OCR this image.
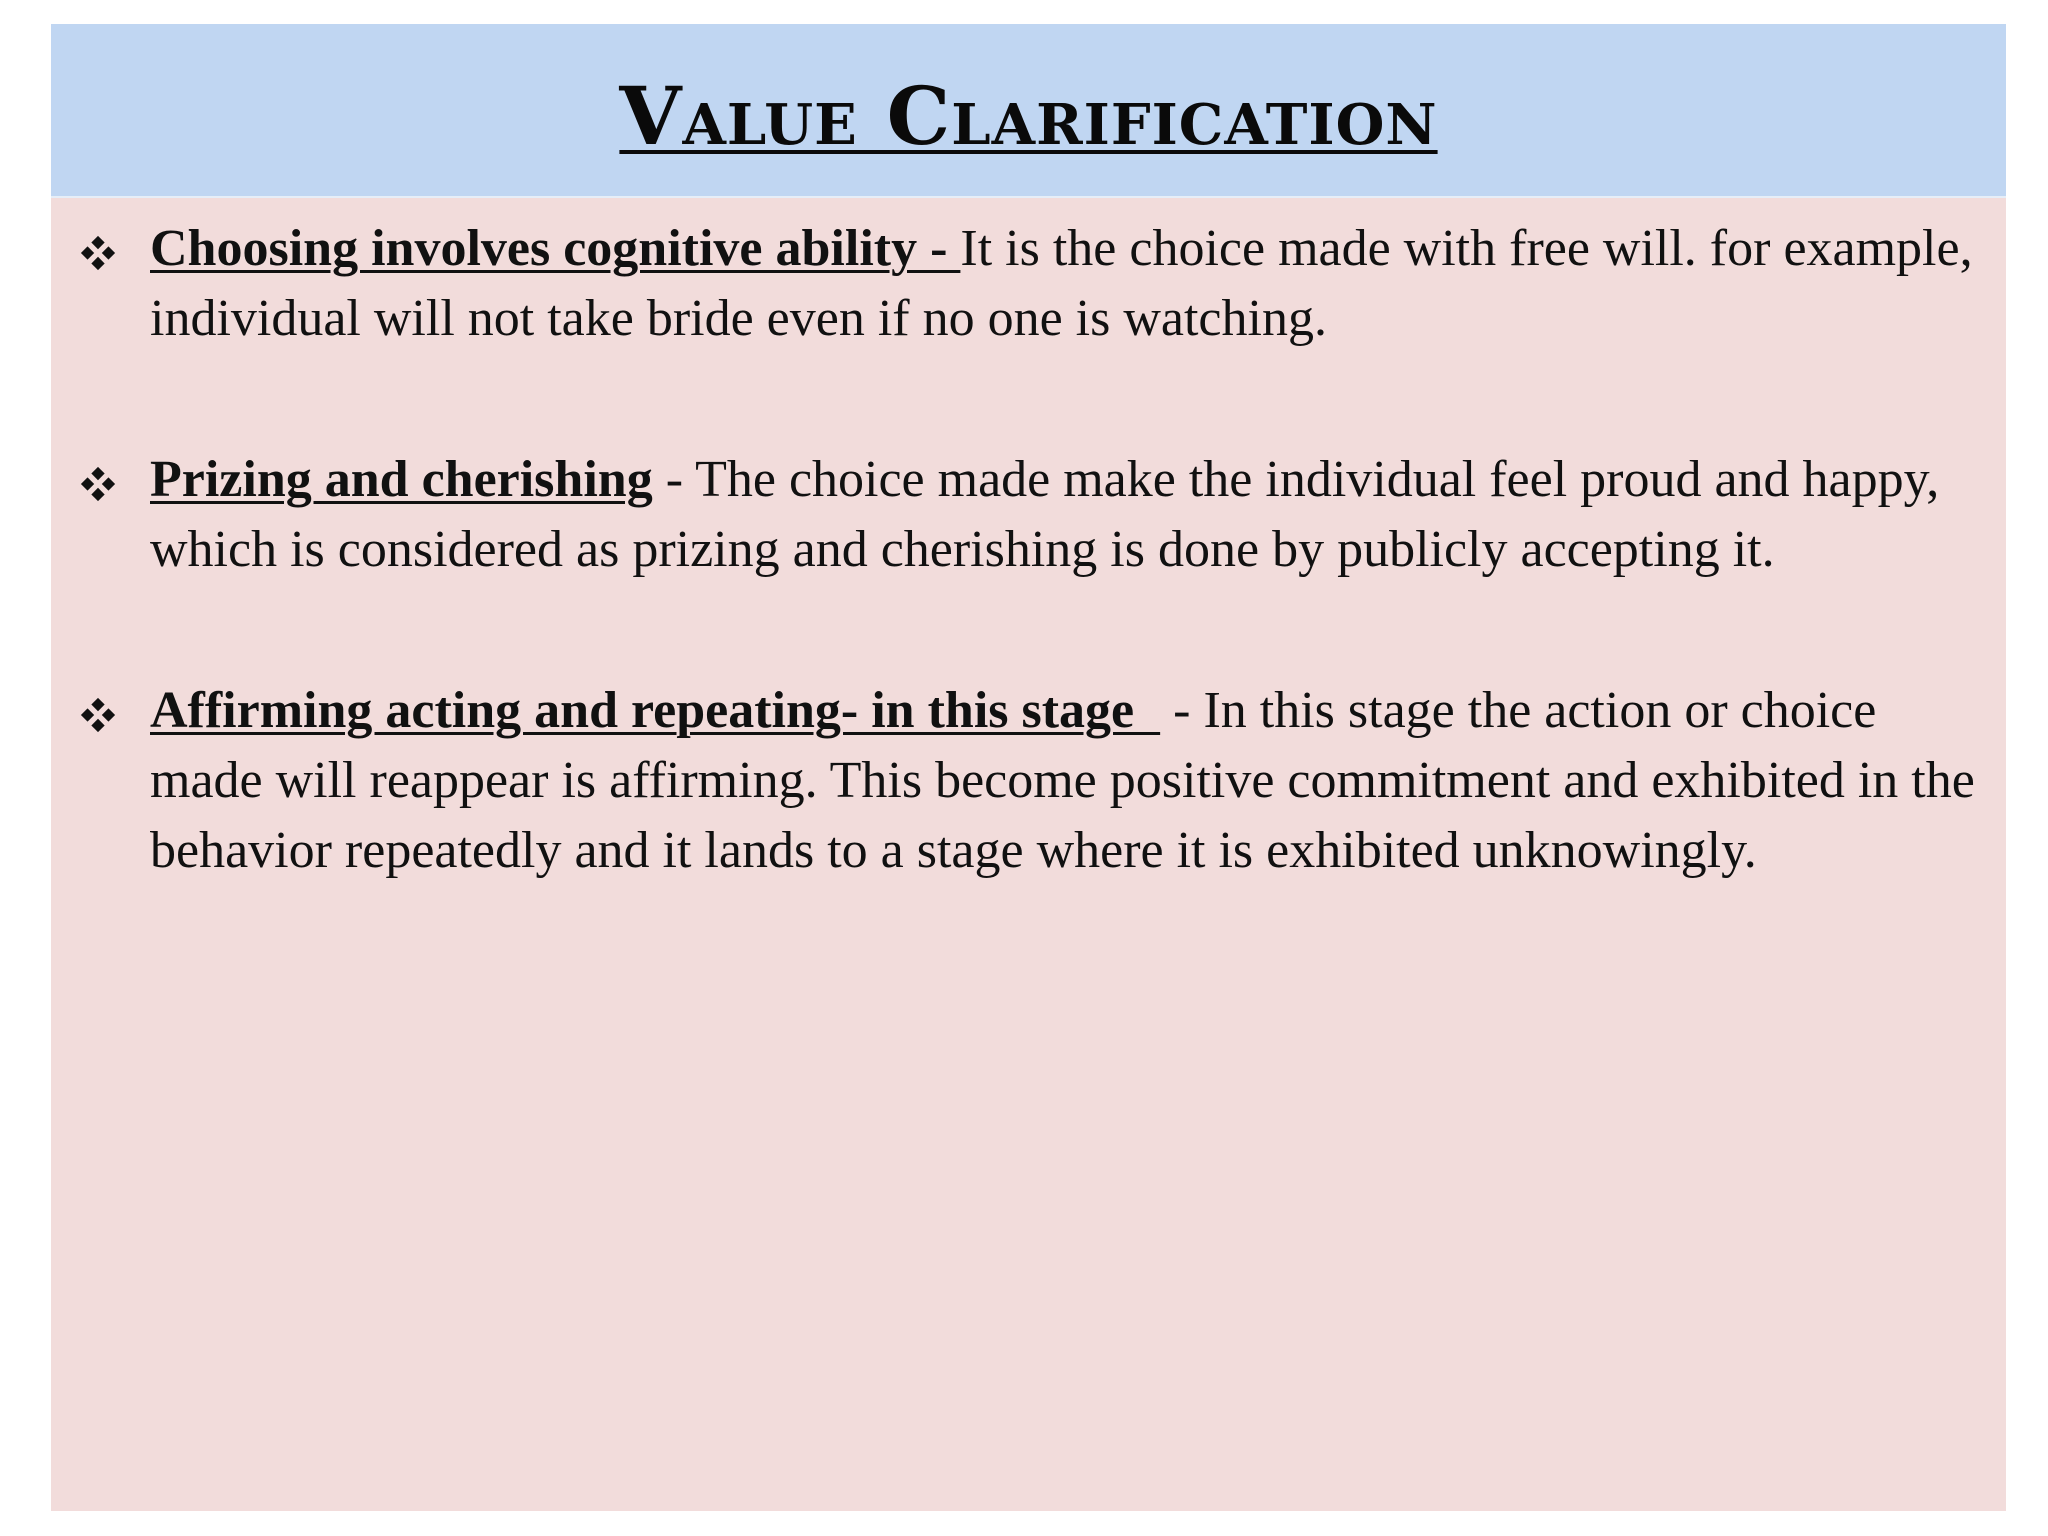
Value Clarification
Choosing involves cognitive ability - It is the choice made with free will. for example, individual will not take bride even if no one is watching.
Prizing and cherishing - The choice made make the individual feel proud and happy, which is considered as prizing and cherishing is done by publicly accepting it.
Affirming acting and repeating- in this stage   - In this stage the action or choice made will reappear is affirming. This become positive commitment and exhibited in the behavior repeatedly and it lands to a stage where it is exhibited unknowingly.
